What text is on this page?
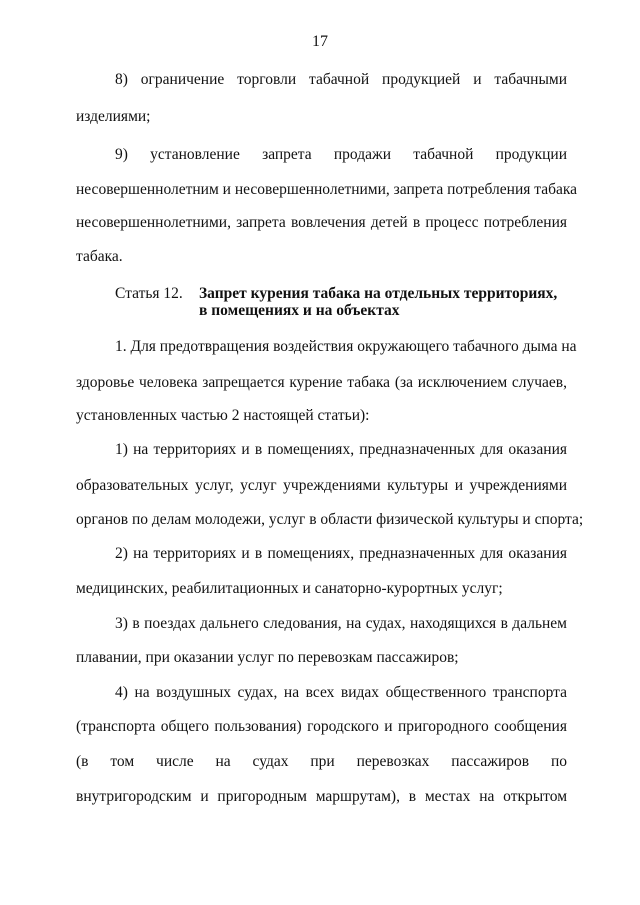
17
8) ограничение торговли табачной продукцией и табачными
изделиями;
9) установление запрета продажи табачной продукции
несовершеннолетним и несовершеннолетними, запрета потребления табака
несовершеннолетними, запрета вовлечения детей в процесс потребления
табака.
Статья 12. Запрет курения табака на отдельных территориях, в помещениях и на объектах
1. Для предотвращения воздействия окружающего табачного дыма на
здоровье человека запрещается курение табака (за исключением случаев,
установленных частью 2 настоящей статьи):
1) на территориях и в помещениях, предназначенных для оказания
образовательных услуг, услуг учреждениями культуры и учреждениями
органов по делам молодежи, услуг в области физической культуры и спорта;
2) на территориях и в помещениях, предназначенных для оказания
медицинских, реабилитационных и санаторно-курортных услуг;
3) в поездах дальнего следования, на судах, находящихся в дальнем
плавании, при оказании услуг по перевозкам пассажиров;
4) на воздушных судах, на всех видах общественного транспорта
(транспорта общего пользования) городского и пригородного сообщения
(в том числе на судах при перевозках пассажиров по
внутригородским и пригородным маршрутам), в местах на открытом
